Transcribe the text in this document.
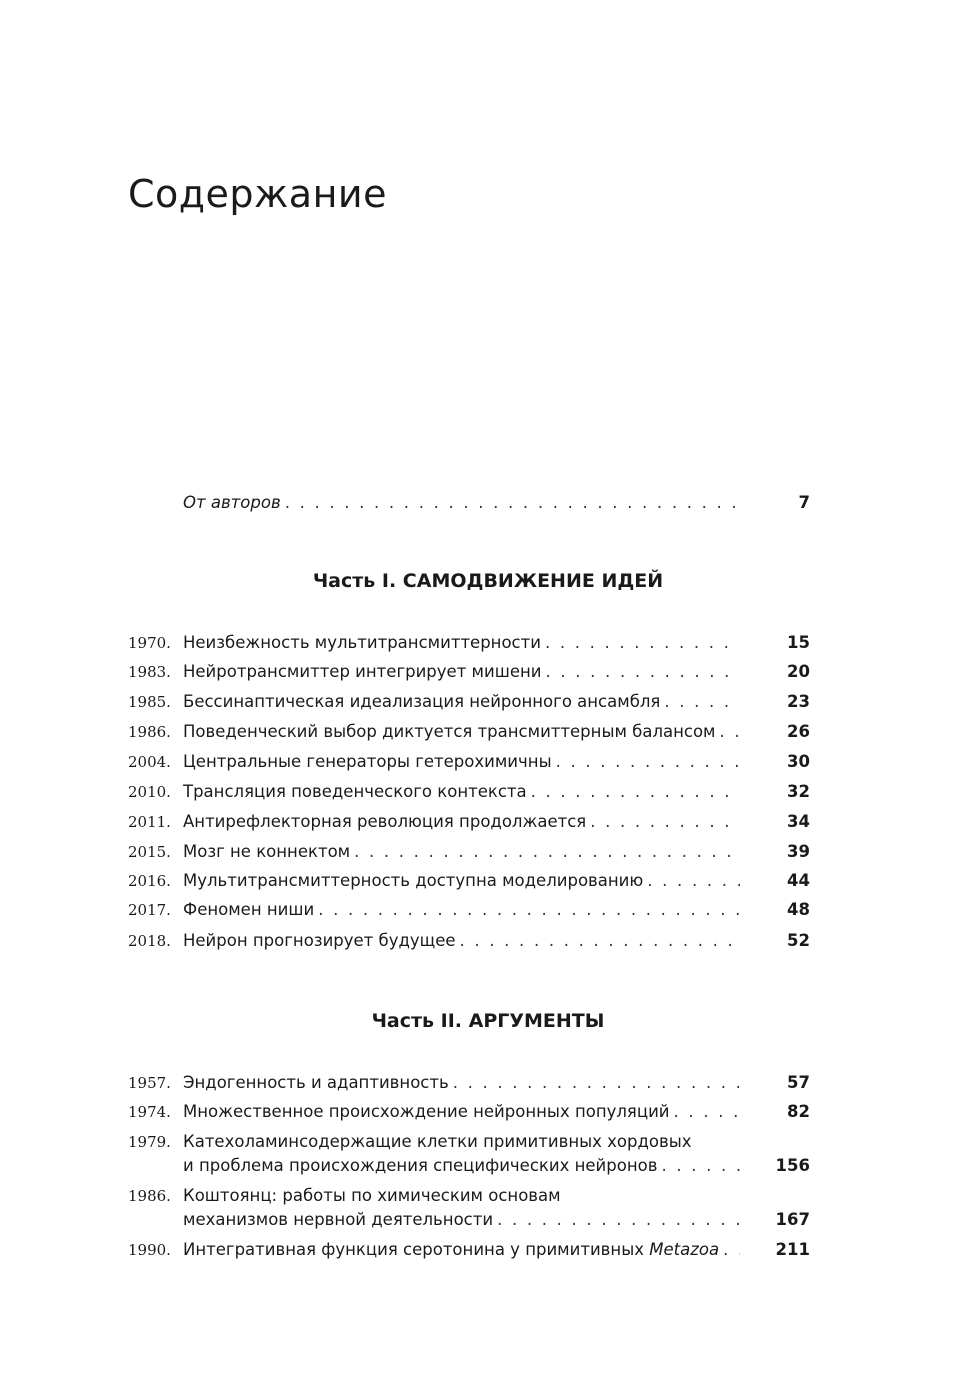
Содержание
От авторов . . .	7
Часть I. САМОДВИЖЕНИЕ ИДЕЙ
1970. Неизбежность мультитрансмиттерности . . .	15
1983. Нейротрансмиттер интегрирует мишени . . .	20
1985. Бессинаптическая идеализация нейронного ансамбля . . .	23
1986. Поведенческий выбор диктуется трансмиттерным балансом . . .	26
2004. Центральные генераторы гетерохимичны . . .	30
2010. Трансляция поведенческого контекста . . .	32
2011. Антирефлекторная революция продолжается . . .	34
2015. Мозг не коннектом . . .	39
2016. Мультитрансмиттерность доступна моделированию . . .	44
2017. Феномен ниши . . .	48
2018. Нейрон прогнозирует будущее . . .	52
Часть II. АРГУМЕНТЫ
1957. Эндогенность и адаптивность . . .	57
1974. Множественное происхождение нейронных популяций . . .	82
1979. Катехоламинсодержащие клетки примитивных хордовых
и проблема происхождения специфических нейронов . . .	156
1986. Коштоянц: работы по химическим основам
механизмов нервной деятельности . . .	167
1990. Интегративная функция серотонина у примитивных
Metazoa . . .	211
